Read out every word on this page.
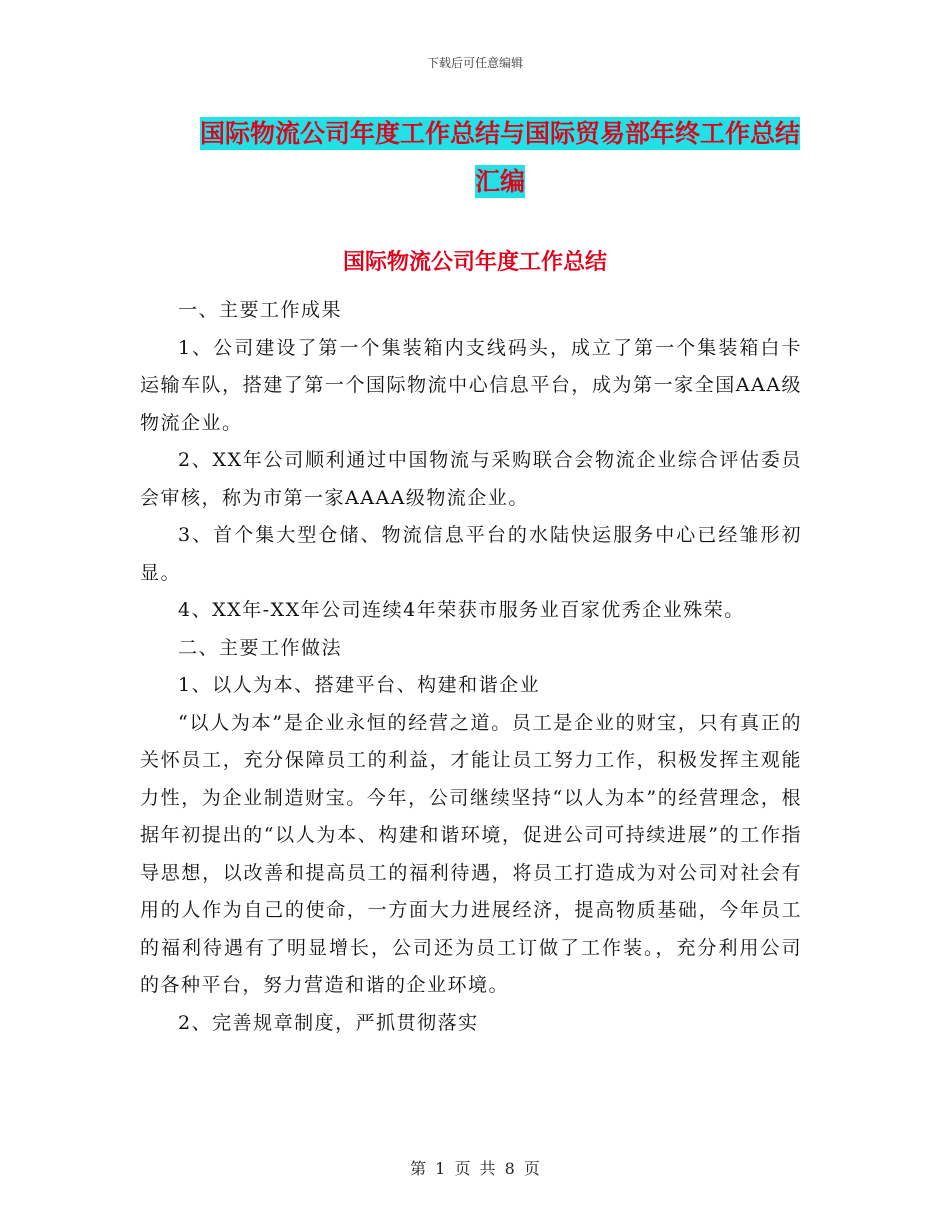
下载后可任意编辑
国际物流公司年度工作总结与国际贸易部年终工作总结汇编
国际物流公司年度工作总结

一、主要工作成果

1、公司建设了第一个集装箱内支线码头，成立了第一个集装箱白卡运输车队，搭建了第一个国际物流中心信息平台，成为第一家全国AAA级物流企业。

2、XX年公司顺利通过中国物流与采购联合会物流企业综合评估委员会审核，称为市第一家AAAA级物流企业。

3、首个集大型仓储、物流信息平台的水陆快运服务中心已经雏形初显。

4、XX年-XX年公司连续4年荣获市服务业百家优秀企业殊荣。

二、主要工作做法

1、以人为本、搭建平台、构建和谐企业

“以人为本”是企业永恒的经营之道。员工是企业的财宝，只有真正的关怀员工，充分保障员工的利益，才能让员工努力工作，积极发挥主观能力性，为企业制造财宝。今年，公司继续坚持“以人为本”的经营理念，根据年初提出的“以人为本、构建和谐环境，促进公司可持续进展”的工作指导思想，以改善和提高员工的福利待遇，将员工打造成为对公司对社会有用的人作为自己的使命，一方面大力进展经济，提高物质基础，今年员工的福利待遇有了明显增长，公司还为员工订做了工作装。，充分利用公司的各种平台，努力营造和谐的企业环境。

2、完善规章制度，严抓贯彻落实

第 1 页 共 8 页
